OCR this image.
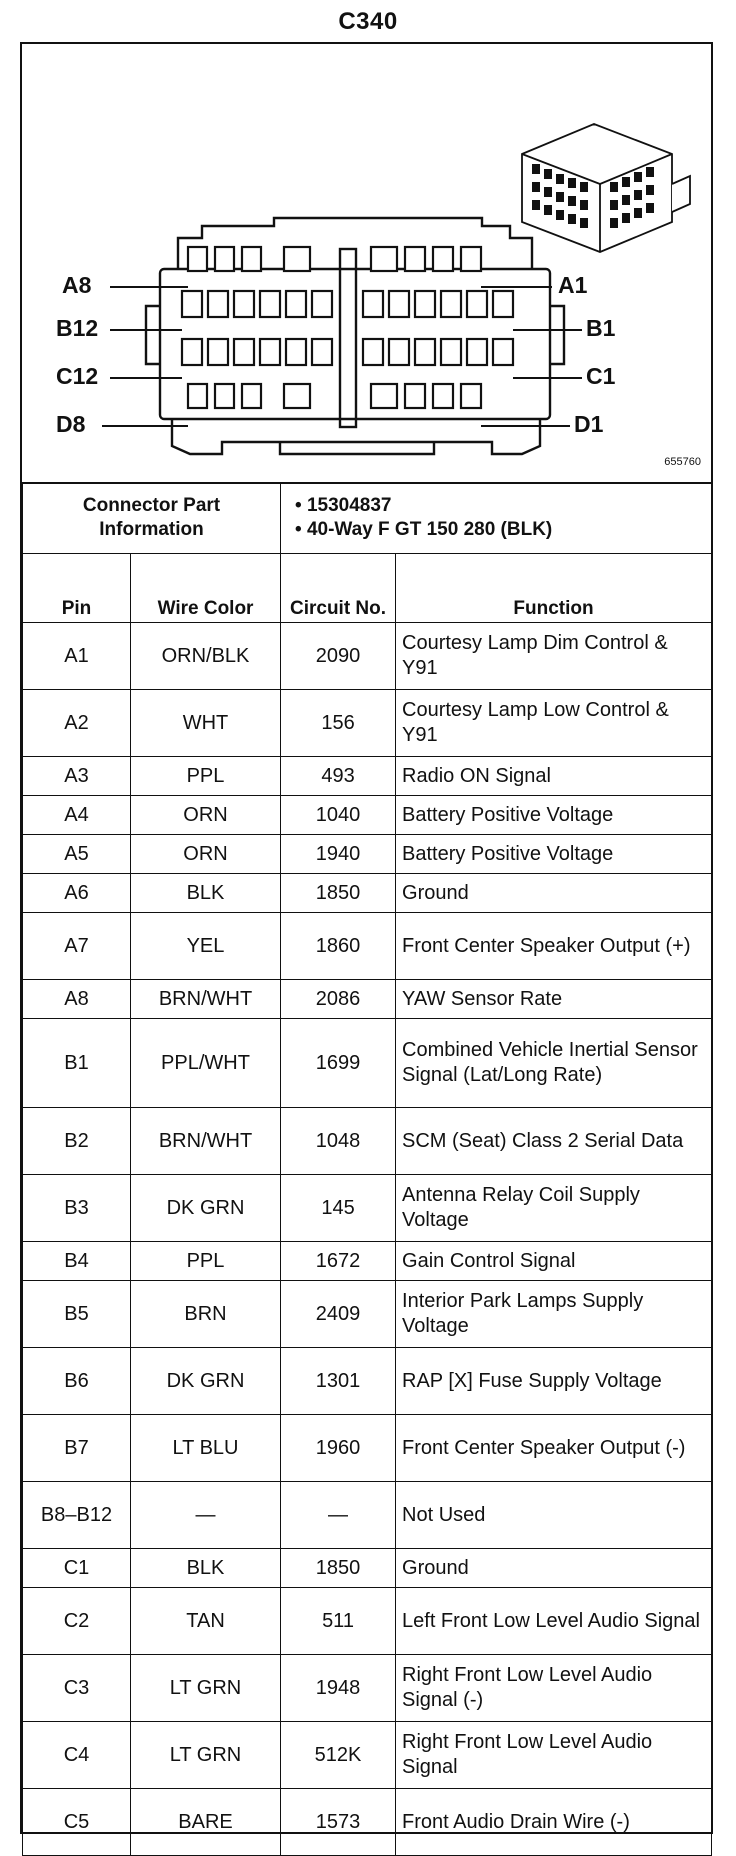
C340
A8	A1
B12	B1
C12	C1
D8	D1
655760
Connector Part Information		• 15304837
• 40-Way F GT 150 280 (BLK)	

Pin	Wire Color	Circuit No.	Function
A1	ORN/BLK	2090	Courtesy Lamp Dim Control & Y91
A2	WHT	156	Courtesy Lamp Low Control & Y91
A3	PPL	493	Radio ON Signal
A4	ORN	1040	Battery Positive Voltage
A5	ORN	1940	Battery Positive Voltage
A6	BLK	1850	Ground
A7	YEL	1860	Front Center Speaker Output (+)
A8	BRN/WHT	2086	YAW Sensor Rate
B1	PPL/WHT	1699	Combined Vehicle Inertial Sensor Signal (Lat/Long Rate)
B2	BRN/WHT	1048	SCM (Seat) Class 2 Serial Data
B3	DK GRN	145	Antenna Relay Coil Supply Voltage
B4	PPL	1672	Gain Control Signal
B5	BRN	2409	Interior Park Lamps Supply Voltage
B6	DK GRN	1301	RAP [X] Fuse Supply Voltage
B7	LT BLU	1960	Front Center Speaker Output (-)
B8–B12	—	—	Not Used
C1	BLK	1850	Ground
C2	TAN	511	Left Front Low Level Audio Signal
C3	LT GRN	1948	Right Front Low Level Audio Signal (-)
C4	LT GRN	512K	Right Front Low Level Audio Signal
C5	BARE	1573	Front Audio Drain Wire (-)
